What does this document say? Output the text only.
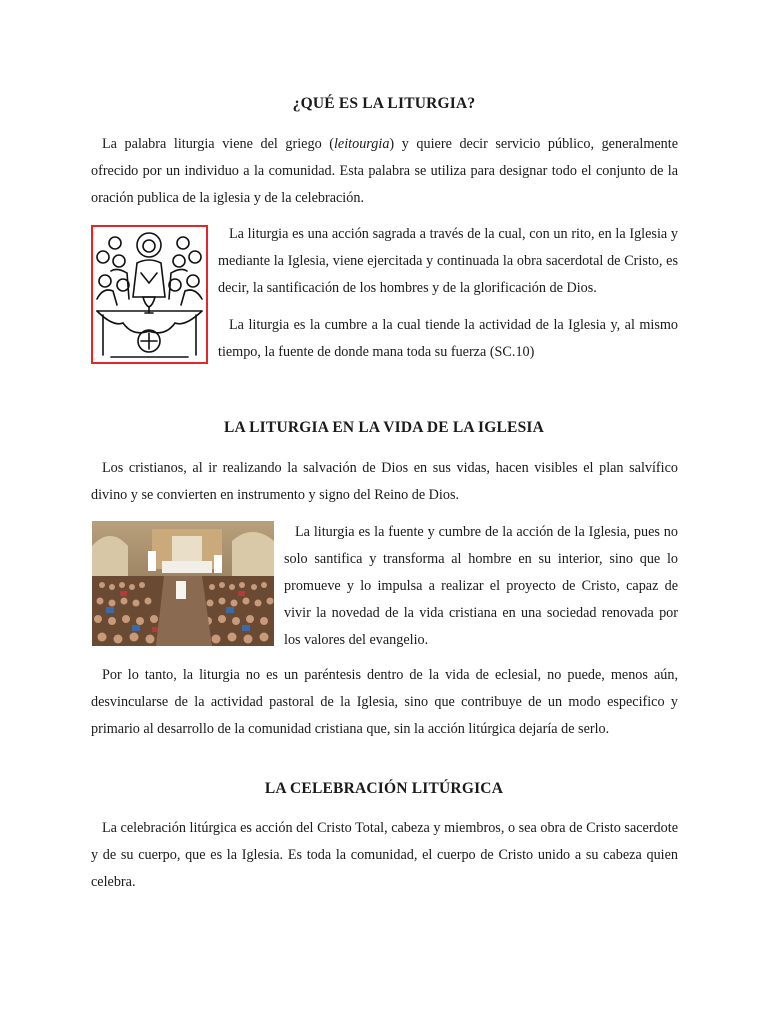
¿QUÉ ES LA LITURGIA?

La palabra liturgia viene del griego (leitourgia) y quiere decir servicio público, generalmente ofrecido por un individuo a la comunidad. Esta palabra se utiliza para designar todo el conjunto de la oración publica de la iglesia y de la celebración.

La liturgia es una acción sagrada a través de la cual, con un rito, en la Iglesia y mediante la Iglesia, viene ejercitada y continuada la obra sacerdotal de Cristo, es decir, la santificación de los hombres y de la glorificación de Dios.

La liturgia es la cumbre a la cual tiende la actividad de la Iglesia y, al mismo tiempo, la fuente de donde mana toda su fuerza (SC.10)

LA LITURGIA EN LA VIDA DE LA IGLESIA

Los cristianos, al ir realizando la salvación de Dios en sus vidas, hacen visibles el plan salvífico divino y se convierten en instrumento y signo del Reino de Dios.

La liturgia es la fuente y cumbre de la acción de la Iglesia, pues no solo santifica y transforma al hombre en su interior, sino que lo promueve y lo impulsa a realizar el proyecto de Cristo, capaz de vivir la novedad de la vida cristiana en una sociedad renovada por los valores del evangelio.

Por lo tanto, la liturgia no es un paréntesis dentro de la vida de eclesial, no puede, menos aún, desvincularse de la actividad pastoral de la Iglesia, sino que contribuye de un modo especifico y primario al desarrollo de la comunidad cristiana que, sin la acción litúrgica dejaría de serlo.

LA CELEBRACIÓN LITÚRGICA

La celebración litúrgica es acción del Cristo Total, cabeza y miembros, o sea obra de Cristo sacerdote y de su cuerpo, que es la Iglesia. Es toda la comunidad, el cuerpo de Cristo unido a su cabeza quien celebra.
